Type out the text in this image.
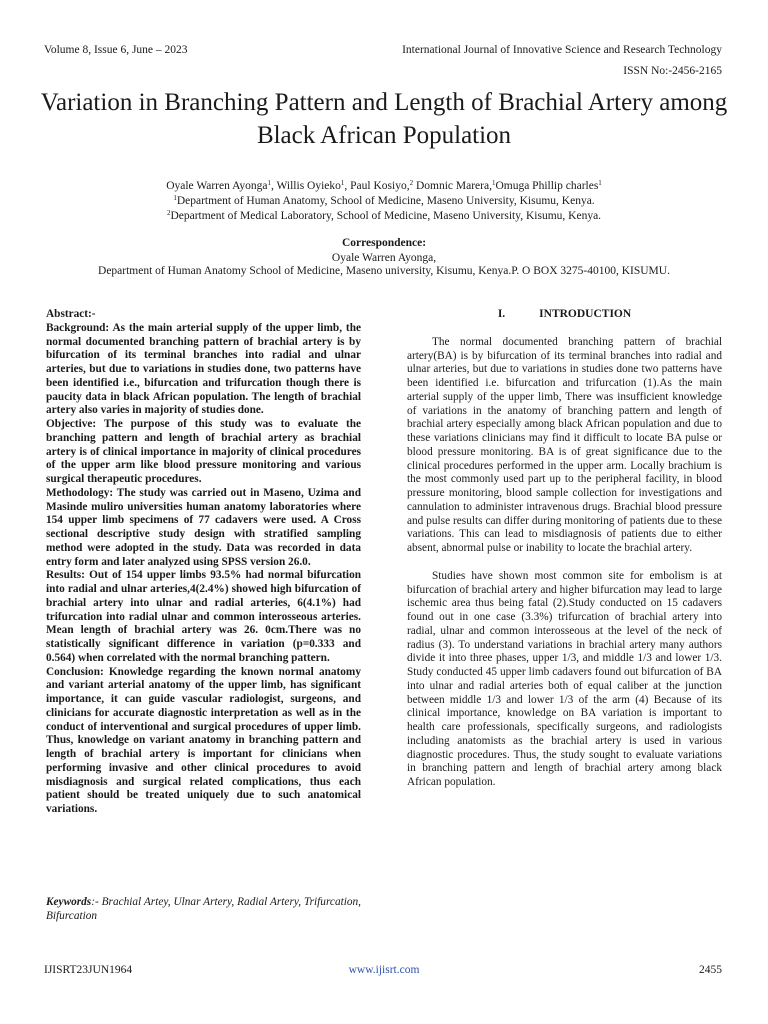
Volume 8, Issue 6, June – 2023	International Journal of Innovative Science and Research Technology
ISSN No:-2456-2165
Variation in Branching Pattern and Length of Brachial Artery among Black African Population
Oyale Warren Ayonga$^1$, Willis Oyieko$^1$, Paul Kosiyo,$^2$ Domnic Marera,$^1$Omuga Phillip charles$^1$
$^1$Department of Human Anatomy, School of Medicine, Maseno University, Kisumu, Kenya.
$^2$Department of Medical Laboratory, School of Medicine, Maseno University, Kisumu, Kenya.
Correspondence:
Oyale Warren Ayonga,
Department of Human Anatomy School of Medicine, Maseno university, Kisumu, Kenya.P. O BOX 3275-40100, KISUMU.

Abstract:-

Background: As the main arterial supply of the upper limb, the normal documented branching pattern of brachial artery is by bifurcation of its terminal branches into radial and ulnar arteries, but due to variations in studies done, two patterns have been identified i.e., bifurcation and trifurcation though there is paucity data in black African population. The length of brachial artery also varies in majority of studies done.

Objective: The purpose of this study was to evaluate the branching pattern and length of brachial artery as brachial artery is of clinical importance in majority of clinical procedures of the upper arm like blood pressure monitoring and various surgical therapeutic procedures.

Methodology: The study was carried out in Maseno, Uzima and Masinde muliro universities human anatomy laboratories where 154 upper limb specimens of 77 cadavers were used. A Cross sectional descriptive study design with stratified sampling method were adopted in the study. Data was recorded in data entry form and later analyzed using SPSS version 26.0.

Results: Out of 154 upper limbs 93.5% had normal bifurcation into radial and ulnar arteries,4(2.4%) showed high bifurcation of brachial artery into ulnar and radial arteries, 6(4.1%) had trifurcation into radial ulnar and common interosseous arteries. Mean length of brachial artery was 26. 0cm.There was no statistically significant difference in variation (p=0.333 and 0.564) when correlated with the normal branching pattern.

Conclusion: Knowledge regarding the known normal anatomy and variant arterial anatomy of the upper limb, has significant importance, it can guide vascular radiologist, surgeons, and clinicians for accurate diagnostic interpretation as well as in the conduct of interventional and surgical procedures of upper limb. Thus, knowledge on variant anatomy in branching pattern and length of brachial artery is important for clinicians when performing invasive and other clinical procedures to avoid misdiagnosis and surgical related complications, thus each patient should be treated uniquely due to such anatomical variations.

Keywords:- Brachial Artey, Ulnar Artery, Radial Artery, Trifurcation, Bifurcation
I.	INTRODUCTION

The normal documented branching pattern of brachial artery(BA) is by bifurcation of its terminal branches into radial and ulnar arteries, but due to variations in studies done two patterns have been identified i.e. bifurcation and trifurcation (1).As the main arterial supply of the upper limb, There was insufficient knowledge of variations in the anatomy of branching pattern and length of brachial artery especially among black African population and due to these variations clinicians may find it difficult to locate BA pulse or blood pressure monitoring. BA is of great significance due to the clinical procedures performed in the upper arm. Locally brachium is the most commonly used part up to the peripheral facility, in blood pressure monitoring, blood sample collection for investigations and cannulation to administer intravenous drugs. Brachial blood pressure and pulse results can differ during monitoring of patients due to these variations. This can lead to misdiagnosis of patients due to either absent, abnormal pulse or inability to locate the brachial artery.

Studies have shown most common site for embolism is at bifurcation of brachial artery and higher bifurcation may lead to large ischemic area thus being fatal (2).Study conducted on 15 cadavers found out in one case (3.3%) trifurcation of brachial artery into radial, ulnar and common interosseous at the level of the neck of radius (3). To understand variations in brachial artery many authors divide it into three phases, upper 1/3, and middle 1/3 and lower 1/3. Study conducted 45 upper limb cadavers found out bifurcation of BA into ulnar and radial arteries both of equal caliber at the junction between middle 1/3 and lower 1/3 of the arm (4) Because of its clinical importance, knowledge on BA variation is important to health care professionals, specifically surgeons, and radiologists including anatomists as the brachial artery is used in various diagnostic procedures. Thus, the study sought to evaluate variations in branching pattern and length of brachial artery among black African population.

IJISRT23JUN1964	www.ijisrt.com	2455
